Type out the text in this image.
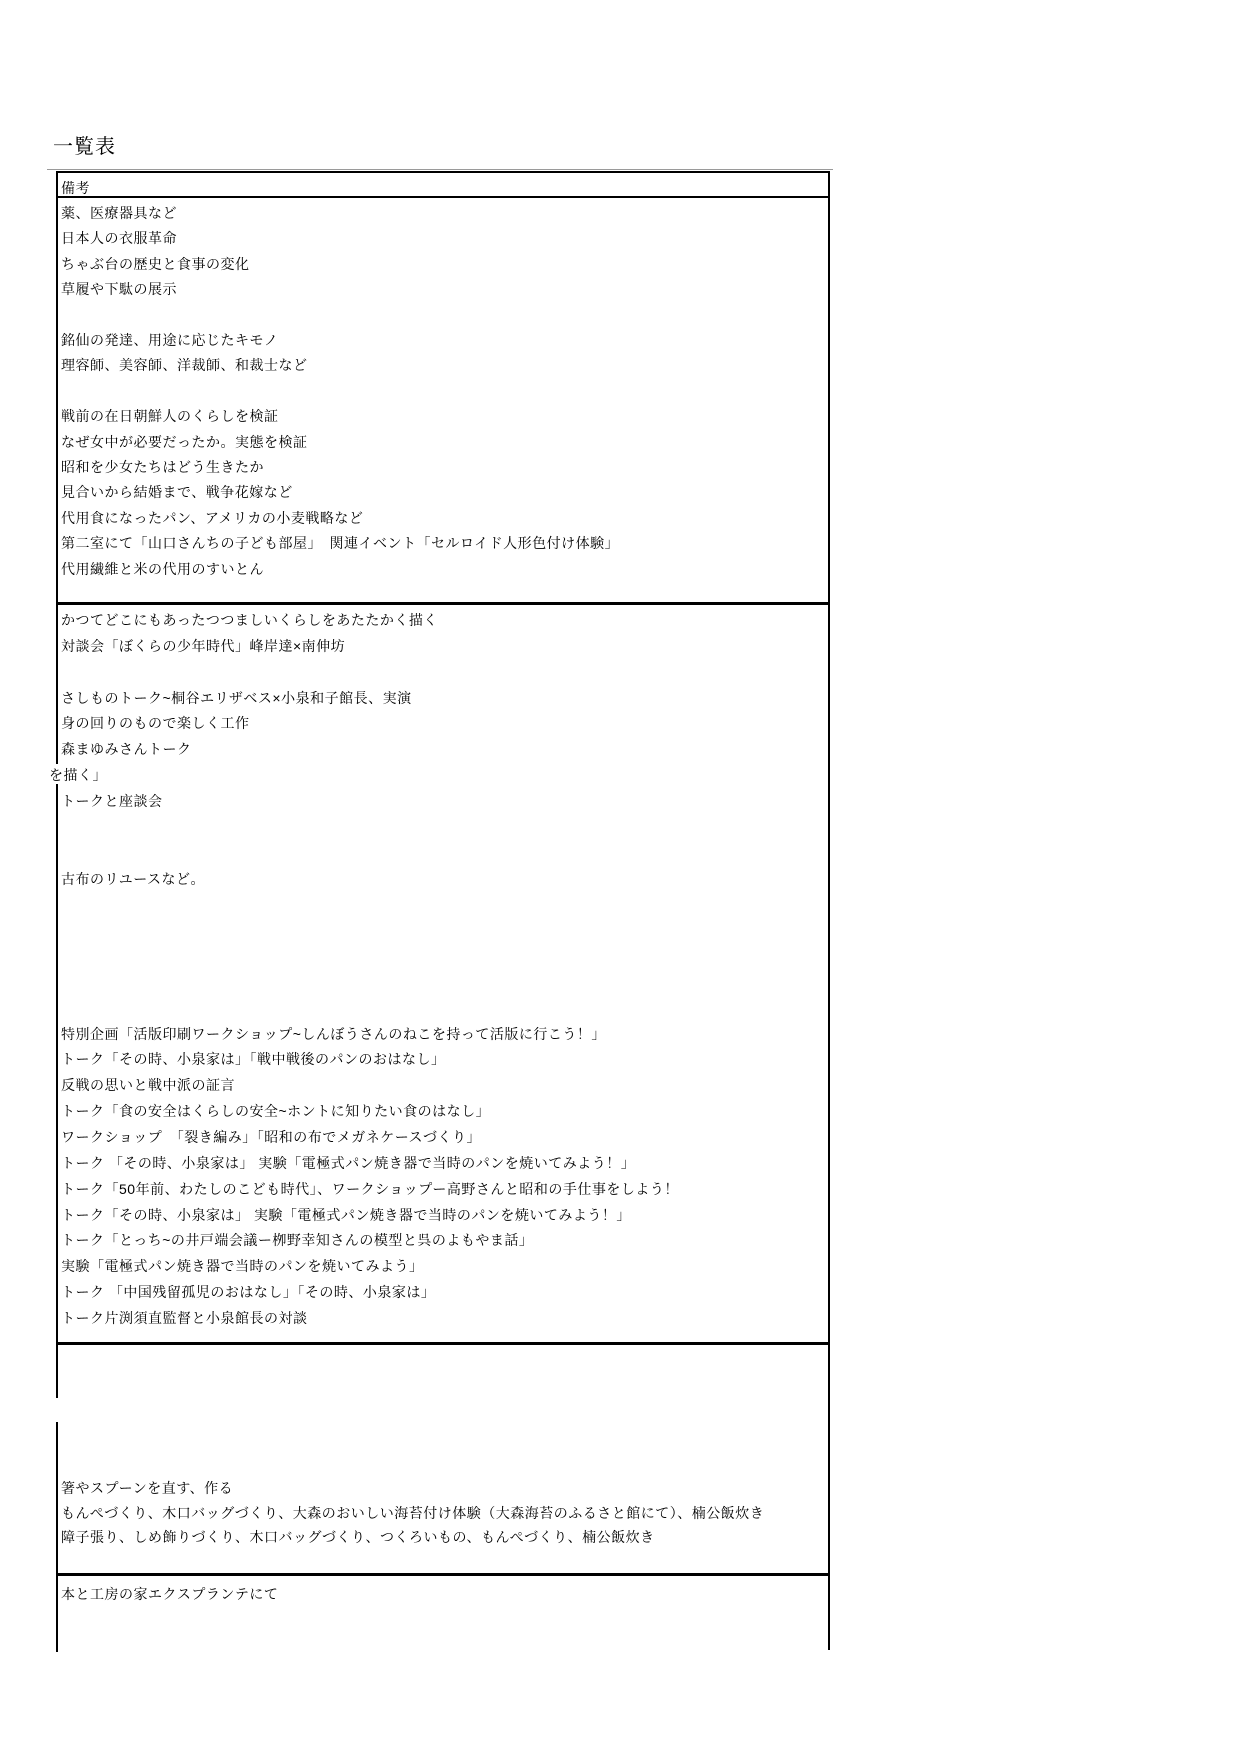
一覧表
備考
薬、医療器具など
日本人の衣服革命
ちゃぶ台の歴史と食事の変化
草履や下駄の展示
銘仙の発達、用途に応じたキモノ
理容師、美容師、洋裁師、和裁士など
戦前の在日朝鮮人のくらしを検証
なぜ女中が必要だったか。実態を検証
昭和を少女たちはどう生きたか
見合いから結婚まで、戦争花嫁など
代用食になったパン、アメリカの小麦戦略など
第二室にて「山口さんちの子ども部屋」　関連イベント「セルロイド人形色付け体験」
代用繊維と米の代用のすいとん
かつてどこにもあったつつましいくらしをあたたかく描く
対談会「ぼくらの少年時代」峰岸達×南伸坊
さしものトーク~桐谷エリザベス×小泉和子館長、実演
身の回りのもので楽しく工作
森まゆみさんトーク
を描く」
トークと座談会
古布のリユースなど。
特別企画「活版印刷ワークショップ~しんぼうさんのねこを持って活版に行こう！」
トーク「その時、小泉家は」「戦中戦後のパンのおはなし」
反戦の思いと戦中派の証言
トーク「食の安全はくらしの安全~ホントに知りたい食のはなし」
ワークショップ　「裂き編み」「昭和の布でメガネケースづくり」
トーク 「その時、小泉家は」 実験「電極式パン焼き器で当時のパンを焼いてみよう！」
トーク「50年前、わたしのこども時代」、ワークショップー高野さんと昭和の手仕事をしよう！
トーク「その時、小泉家は」 実験「電極式パン焼き器で当時のパンを焼いてみよう！」
トーク「とっち~の井戸端会議ー栁野幸知さんの模型と呉のよもやま話」
実験「電極式パン焼き器で当時のパンを焼いてみよう」
トーク 「中国残留孤児のおはなし」「その時、小泉家は」
トーク片渕須直監督と小泉館長の対談
箸やスプーンを直す、作る
もんぺづくり、木口バッグづくり、大森のおいしい海苔付け体験（大森海苔のふるさと館にて）、楠公飯炊き
障子張り、しめ飾りづくり、木口バッグづくり、つくろいもの、もんぺづくり、楠公飯炊き
本と工房の家エクスプランテにて
